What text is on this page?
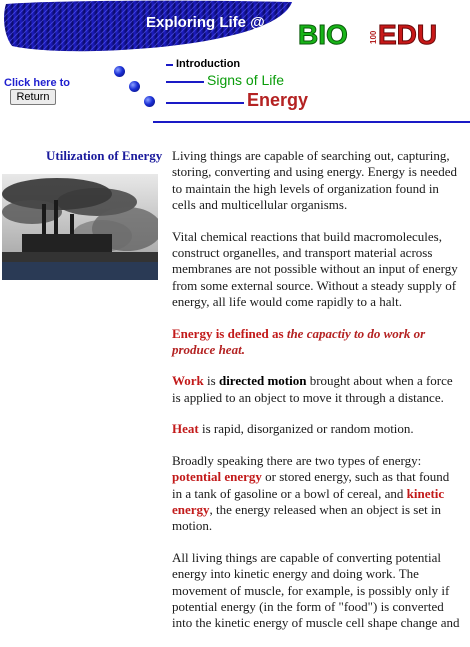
Exploring Life @ BIO	100 EDU
Click here to
Return
Introduction
Signs of Life
Energy
Utilization of Energy Living things are capable of searching out, capturing, storing, converting and using energy. Energy is needed to maintain the high levels of organization found in cells and multicellular organisms.

Vital chemical reactions that build macromolecules, construct organelles, and transport material across membranes are not possible without an input of energy from some external source. Without a steady supply of energy, all life would come rapidly to a halt.

Energy is defined as the capactiy to do work or produce heat.

Work is directed motion brought about when a force is applied to an object to move it through a distance.

Heat is rapid, disorganized or random motion.

Broadly speaking there are two types of energy: potential energy or stored energy, such as that found in a tank of gasoline or a bowl of cereal, and kinetic energy, the energy released when an object is set in motion.

All living things are capable of converting potential energy into kinetic energy and doing work. The movement of muscle, for example, is possibly only if potential energy (in the form of "food") is converted into the kinetic energy of muscle cell shape change and
